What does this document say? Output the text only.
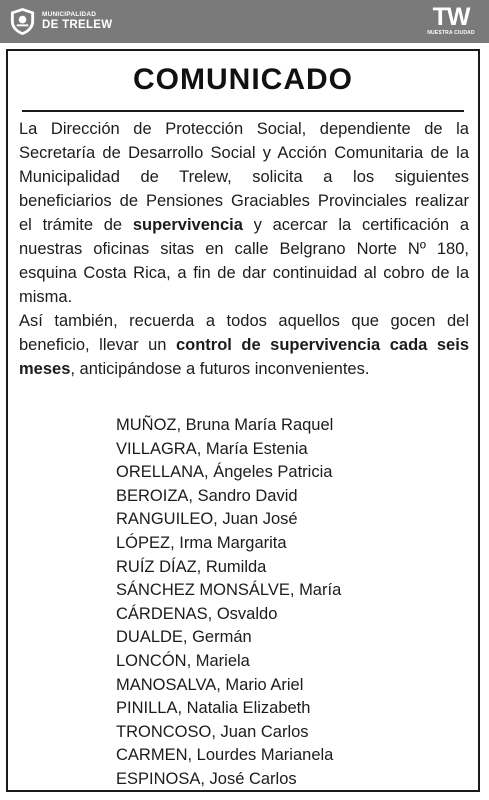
MUNICIPALIDAD
DE TRELEW	TW
NUESTRA CIUDAD
COMUNICADO

La Dirección de Protección Social, dependiente de la Secretaría de Desarrollo Social y Acción Comunitaria de la Municipalidad de Trelew, solicita a los siguientes beneficiarios de Pensiones Graciables Provinciales realizar el trámite de supervivencia y acercar la certificación a nuestras oficinas sitas en calle Belgrano Norte Nº 180, esquina Costa Rica, a fin de dar continuidad al cobro de la misma.

Así también, recuerda a todos aquellos que gocen del beneficio, llevar un control de supervivencia cada seis meses, anticipándose a futuros inconvenientes.

MUÑOZ, Bruna María Raquel
VILLAGRA, María Estenia
ORELLANA, Ángeles Patricia
BEROIZA, Sandro David
RANGUILEO, Juan José
LÓPEZ, Irma Margarita
RUÍZ DÍAZ, Rumilda
SÁNCHEZ MONSÁLVE, María
CÁRDENAS, Osvaldo
DUALDE, Germán
LONCÓN, Mariela
MANOSALVA, Mario Ariel
PINILLA, Natalia Elizabeth
TRONCOSO, Juan Carlos
CARMEN, Lourdes Marianela
ESPINOSA, José Carlos
